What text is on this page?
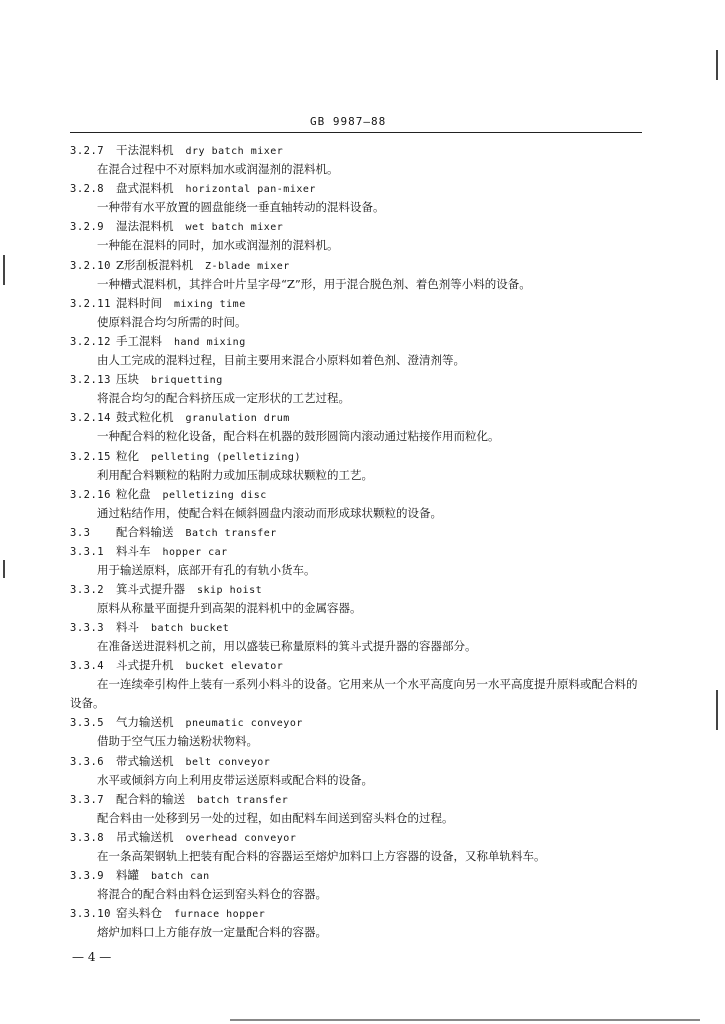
GB 9987—88
3.2.7 干法混料机 dry batch mixer
在混合过程中不对原料加水或润湿剂的混料机。
3.2.8 盘式混料机 horizontal pan-mixer
一种带有水平放置的圆盘能绕一垂直轴转动的混料设备。
3.2.9 湿法混料机 wet batch mixer
一种能在混料的同时，加水或润湿剂的混料机。
3.2.10 Z形刮板混料机 Z-blade mixer
一种槽式混料机，其拌合叶片呈字母“Z”形，用于混合脱色剂、着色剂等小料的设备。
3.2.11 混料时间 mixing time
使原料混合均匀所需的时间。
3.2.12 手工混料 hand mixing
由人工完成的混料过程，目前主要用来混合小原料如着色剂、澄清剂等。
3.2.13 压块 briquetting
将混合均匀的配合料挤压成一定形状的工艺过程。
3.2.14 鼓式粒化机 granulation drum
一种配合料的粒化设备，配合料在机器的鼓形圆筒内滚动通过粘接作用而粒化。
3.2.15 粒化 pelleting (pelletizing)
利用配合料颗粒的粘附力或加压制成球状颗粒的工艺。
3.2.16 粒化盘 pelletizing disc
通过粘结作用，使配合料在倾斜圆盘内滚动而形成球状颗粒的设备。
3.3 配合料输送 Batch transfer
3.3.1 料斗车 hopper car
用于输送原料，底部开有孔的有轨小货车。
3.3.2 箕斗式提升器 skip hoist
原料从称量平面提升到高架的混料机中的金属容器。
3.3.3 料斗 batch bucket
在准备送进混料机之前，用以盛装已称量原料的箕斗式提升器的容器部分。
3.3.4 斗式提升机 bucket elevator
在一连续牵引构件上装有一系列小料斗的设备。它用来从一个水平高度向另一水平高度提升原料或配合料的设备。
3.3.5 气力输送机 pneumatic conveyor
借助于空气压力输送粉状物料。
3.3.6 带式输送机 belt conveyor
水平或倾斜方向上利用皮带运送原料或配合料的设备。
3.3.7 配合料的输送 batch transfer
配合料由一处移到另一处的过程，如由配料车间送到窑头料仓的过程。
3.3.8 吊式输送机 overhead conveyor
在一条高架钢轨上把装有配合料的容器运至熔炉加料口上方容器的设备，又称单轨料车。
3.3.9 料罐 batch can
将混合的配合料由料仓运到窑头料仓的容器。
3.3.10 窑头料仓 furnace hopper
熔炉加料口上方能存放一定量配合料的容器。
— 4 —
